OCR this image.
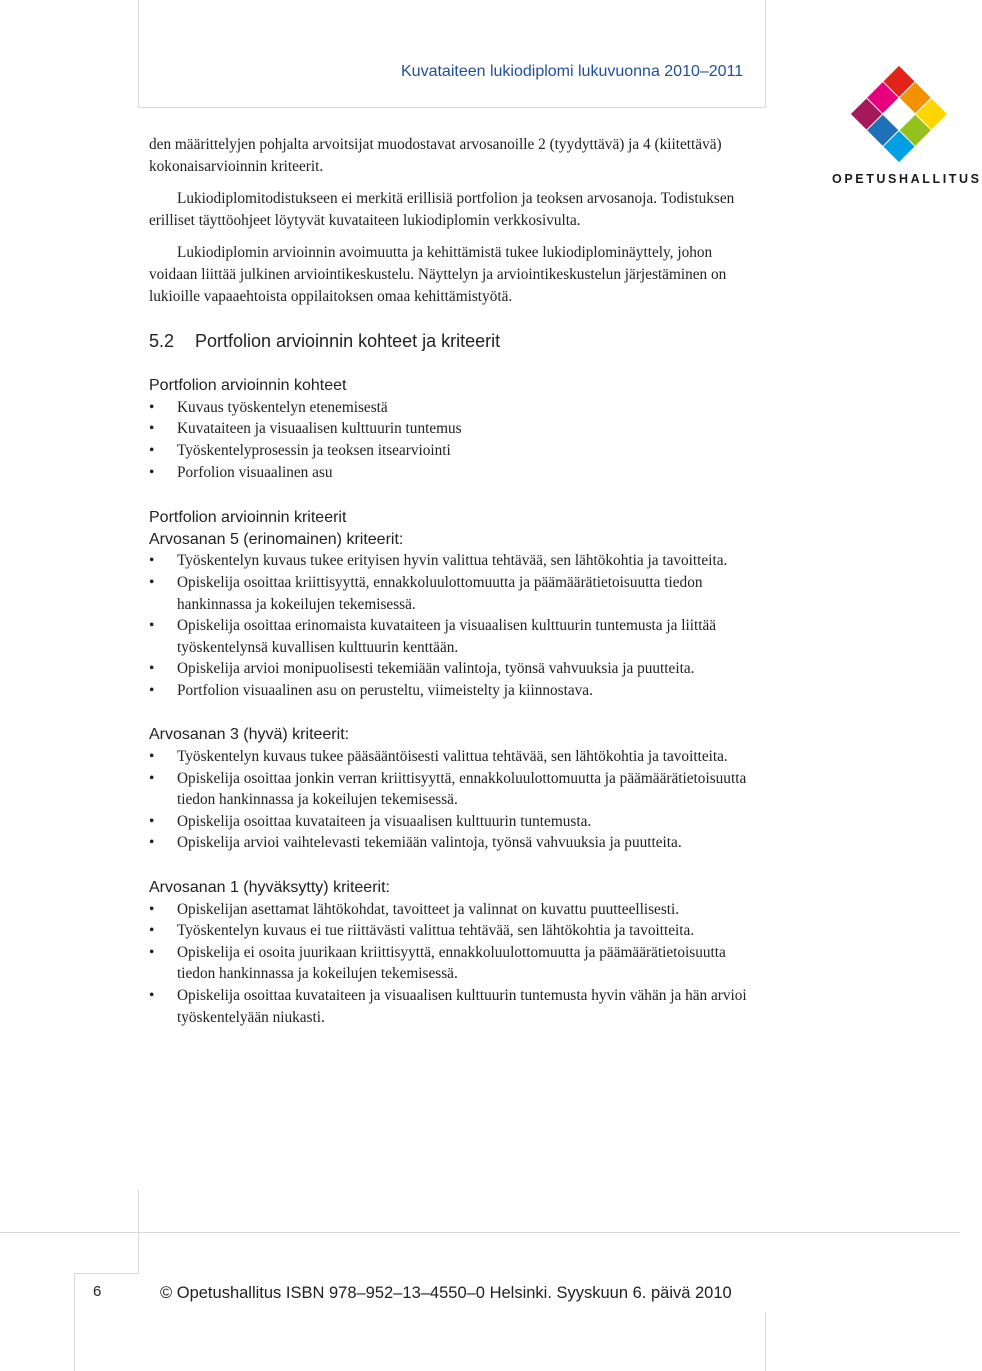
Kuvataiteen lukiodiplomi lukuvuonna 2010–2011
OPETUSHALLITUS

den määrittelyjen pohjalta arvoitsijat muodostavat arvosanoille 2 (tyydyttävä) ja 4 (kiitettävä) kokonaisarvioinnin kriteerit.

Lukiodiplomitodistukseen ei merkitä erillisiä portfolion ja teoksen arvosanoja. Todistuksen erilliset täyttöohjeet löytyvät kuvataiteen lukiodiplomin verkkosivulta.

Lukiodiplomin arvioinnin avoimuutta ja kehittämistä tukee lukiodiplominäyttely, johon voidaan liittää julkinen arviointikeskustelu. Näyttelyn ja arviointikeskustelun järjestäminen on lukioille vapaaehtoista oppilaitoksen omaa kehittämistyötä.

5.2 Portfolion arvioinnin kohteet ja kriteerit
Portfolion arvioinnin kohteet
• Kuvaus työskentelyn etenemisestä
• Kuvataiteen ja visuaalisen kulttuurin tuntemus
• Työskentelyprosessin ja teoksen itsearviointi
• Porfolion visuaalinen asu
Portfolion arvioinnin kriteerit
Arvosanan 5 (erinomainen) kriteerit:
• Työskentelyn kuvaus tukee erityisen hyvin valittua tehtävää, sen lähtökohtia ja tavoitteita.
• Opiskelija osoittaa kriittisyyttä, ennakkoluulottomuutta ja päämäärätietoisuutta tiedon hankinnassa ja kokeilujen tekemisessä.
• Opiskelija osoittaa erinomaista kuvataiteen ja visuaalisen kulttuurin tuntemusta ja liittää työskentelynsä kuvallisen kulttuurin kenttään.
• Opiskelija arvioi monipuolisesti tekemiään valintoja, työnsä vahvuuksia ja puutteita.
• Portfolion visuaalinen asu on perusteltu, viimeistelty ja kiinnostava.
Arvosanan 3 (hyvä) kriteerit:
• Työskentelyn kuvaus tukee pääsääntöisesti valittua tehtävää, sen lähtökohtia ja tavoitteita.
• Opiskelija osoittaa jonkin verran kriittisyyttä, ennakkoluulottomuutta ja päämäärätietoisuutta tiedon hankinnassa ja kokeilujen tekemisessä.
• Opiskelija osoittaa kuvataiteen ja visuaalisen kulttuurin tuntemusta.
• Opiskelija arvioi vaihtelevasti tekemiään valintoja, työnsä vahvuuksia ja puutteita.
Arvosanan 1 (hyväksytty) kriteerit:
• Opiskelijan asettamat lähtökohdat, tavoitteet ja valinnat on kuvattu puutteellisesti.
• Työskentelyn kuvaus ei tue riittävästi valittua tehtävää, sen lähtökohtia ja tavoitteita.
• Opiskelija ei osoita juurikaan kriittisyyttä, ennakkoluulottomuutta ja päämäärätietoisuutta tiedon hankinnassa ja kokeilujen tekemisessä.
• Opiskelija osoittaa kuvataiteen ja visuaalisen kulttuurin tuntemusta hyvin vähän ja hän arvioi työskentelyään niukasti.
6	© Opetushallitus ISBN 978–952–13–4550–0 Helsinki. Syyskuun 6. päivä 2010
